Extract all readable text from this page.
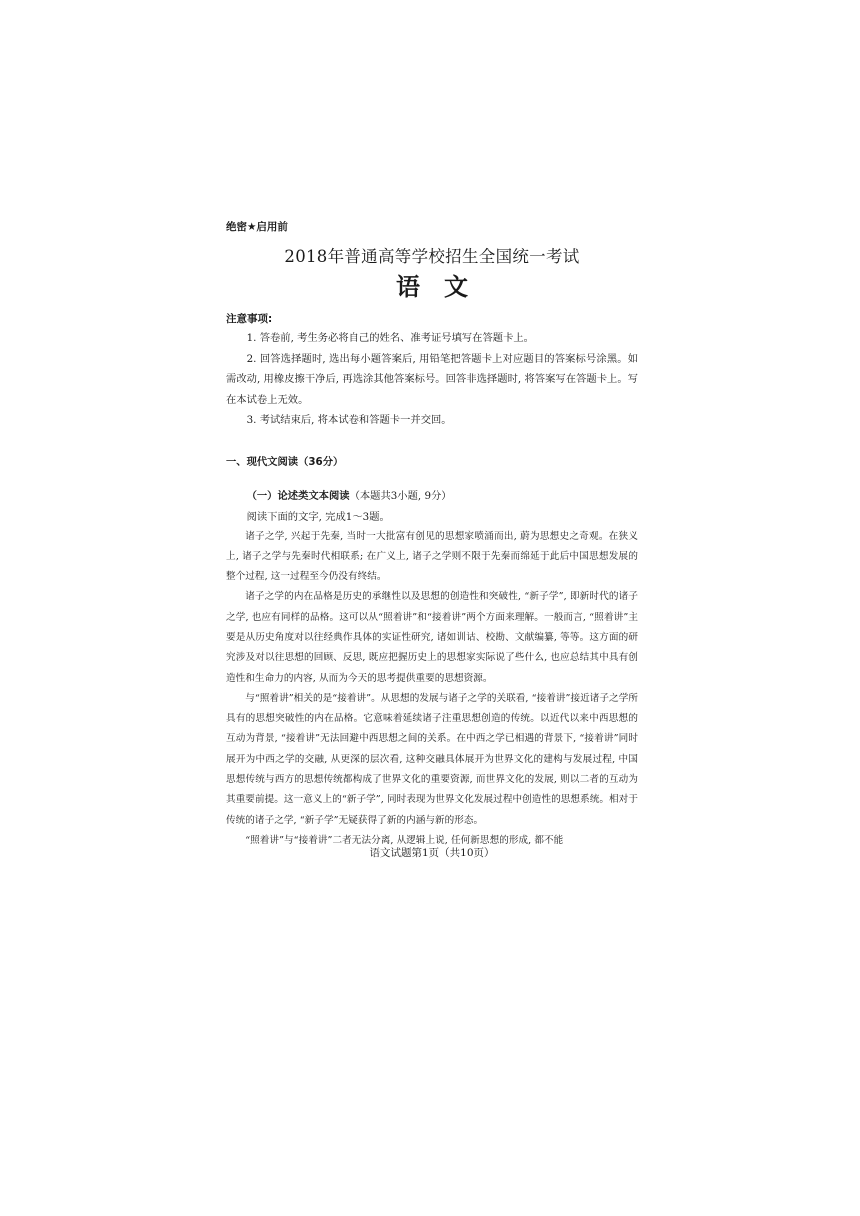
绝密★启用前
2018年普通高等学校招生全国统一考试
语文
注意事项:

1. 答卷前, 考生务必将自己的姓名、准考证号填写在答题卡上。

2. 回答选择题时, 选出每小题答案后, 用铅笔把答题卡上对应题目的答案标号涂黑。如需改动, 用橡皮擦干净后, 再选涂其他答案标号。回答非选择题时, 将答案写在答题卡上。写在本试卷上无效。

3. 考试结束后, 将本试卷和答题卡一并交回。

一、现代文阅读（36分）
（一）论述类文本阅读（本题共3小题, 9分）
阅读下面的文字, 完成1～3题。

诸子之学, 兴起于先秦, 当时一大批富有创见的思想家喷涌而出, 蔚为思想史之奇观。在狭义上, 诸子之学与先秦时代相联系; 在广义上, 诸子之学则不限于先秦而绵延于此后中国思想发展的整个过程, 这一过程至今仍没有终结。

诸子之学的内在品格是历史的承继性以及思想的创造性和突破性, “新子学”, 即新时代的诸子之学, 也应有同样的品格。这可以从“照着讲”和“接着讲”两个方面来理解。一般而言, “照着讲”主要是从历史角度对以往经典作具体的实证性研究, 诸如训诂、校勘、文献编纂, 等等。这方面的研究涉及对以往思想的回顾、反思, 既应把握历史上的思想家实际说了些什么, 也应总结其中具有创造性和生命力的内容, 从而为今天的思考提供重要的思想资源。

与“照着讲”相关的是“接着讲”。从思想的发展与诸子之学的关联看, “接着讲”接近诸子之学所具有的思想突破性的内在品格。它意味着延续诸子注重思想创造的传统。以近代以来中西思想的互动为背景, “接着讲”无法回避中西思想之间的关系。在中西之学已相遇的背景下, “接着讲”同时展开为中西之学的交融, 从更深的层次看, 这种交融具体展开为世界文化的建构与发展过程, 中国思想传统与西方的思想传统都构成了世界文化的重要资源, 而世界文化的发展, 则以二者的互动为其重要前提。这一意义上的“新子学”, 同时表现为世界文化发展过程中创造性的思想系统。相对于传统的诸子之学, “新子学”无疑获得了新的内涵与新的形态。

“照着讲”与“接着讲”二者无法分离, 从逻辑上说, 任何新思想的形成, 都不能

语文试题第1页（共10页）
